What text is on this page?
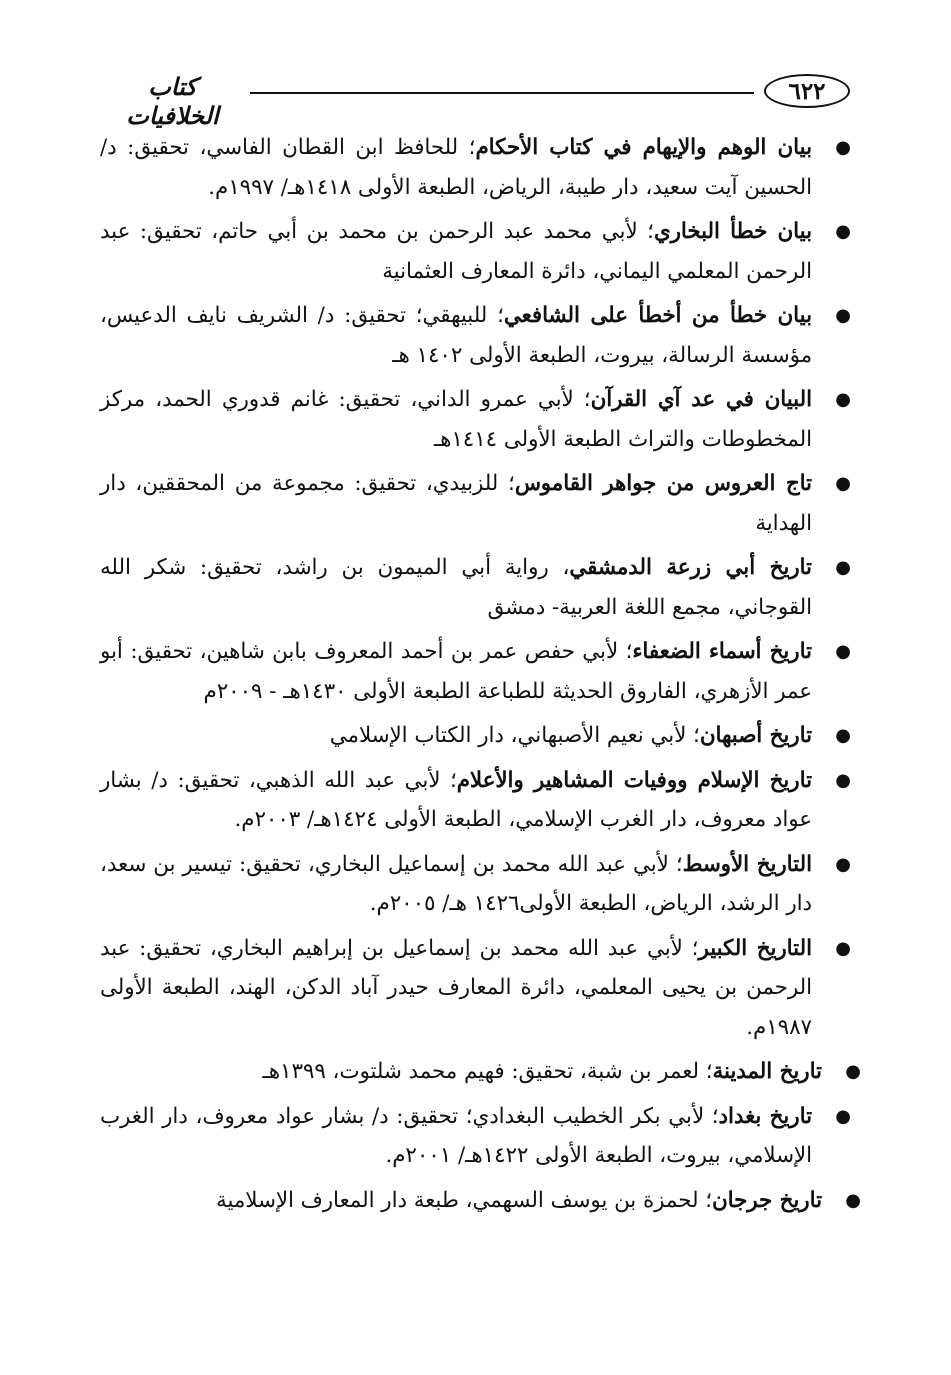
٦٢٢
كتاب الخلافيات
●
بيان الوهم والإيهام في كتاب الأحكام؛ للحافظ ابن القطان الفاسي، تحقيق: د/ الحسين آيت سعيد، دار طيبة، الرياض، الطبعة الأولى ١٤١٨هـ/ ١٩٩٧م.
●
بيان خطأ البخاري؛ لأبي محمد عبد الرحمن بن محمد بن أبي حاتم، تحقيق: عبد الرحمن المعلمي اليماني، دائرة المعارف العثمانية
●
بيان خطأ من أخطأ على الشافعي؛ للبيهقي؛ تحقيق: د/ الشريف نايف الدعيس، مؤسسة الرسالة، بيروت، الطبعة الأولى ١٤٠٢ هـ
●
البيان في عد آي القرآن؛ لأبي عمرو الداني، تحقيق: غانم قدوري الحمد، مركز المخطوطات والتراث الطبعة الأولى ١٤١٤هـ
●
تاج العروس من جواهر القاموس؛ للزبيدي، تحقيق: مجموعة من المحققين، دار الهداية
●
تاريخ أبي زرعة الدمشقي، رواية أبي الميمون بن راشد، تحقيق: شكر الله القوجاني، مجمع اللغة العربية- دمشق
●
تاريخ أسماء الضعفاء؛ لأبي حفص عمر بن أحمد المعروف بابن شاهين، تحقيق: أبو عمر الأزهري، الفاروق الحديثة للطباعة الطبعة الأولى ١٤٣٠هـ - ٢٠٠٩م
●
تاريخ أصبهان؛ لأبي نعيم الأصبهاني، دار الكتاب الإسلامي
●
تاريخ الإسلام ووفيات المشاهير والأعلام؛ لأبي عبد الله الذهبي، تحقيق: د/ بشار عواد معروف، دار الغرب الإسلامي، الطبعة الأولى ١٤٢٤هـ/ ٢٠٠٣م.
●
التاريخ الأوسط؛ لأبي عبد الله محمد بن إسماعيل البخاري، تحقيق: تيسير بن سعد، دار الرشد، الرياض، الطبعة الأولى١٤٢٦ هـ/ ٢٠٠٥م.
●
التاريخ الكبير؛ لأبي عبد الله محمد بن إسماعيل بن إبراهيم البخاري، تحقيق: عبد الرحمن بن يحيى المعلمي، دائرة المعارف حيدر آباد الدكن، الهند، الطبعة الأولى ١٩٨٧م.
●
تاريخ المدينة؛ لعمر بن شبة، تحقيق: فهيم محمد شلتوت، ١٣٩٩هـ
●
تاريخ بغداد؛ لأبي بكر الخطيب البغدادي؛ تحقيق: د/ بشار عواد معروف، دار الغرب الإسلامي، بيروت، الطبعة الأولى ١٤٢٢هـ/ ٢٠٠١م.
●
تاريخ جرجان؛ لحمزة بن يوسف السهمي، طبعة دار المعارف الإسلامية
